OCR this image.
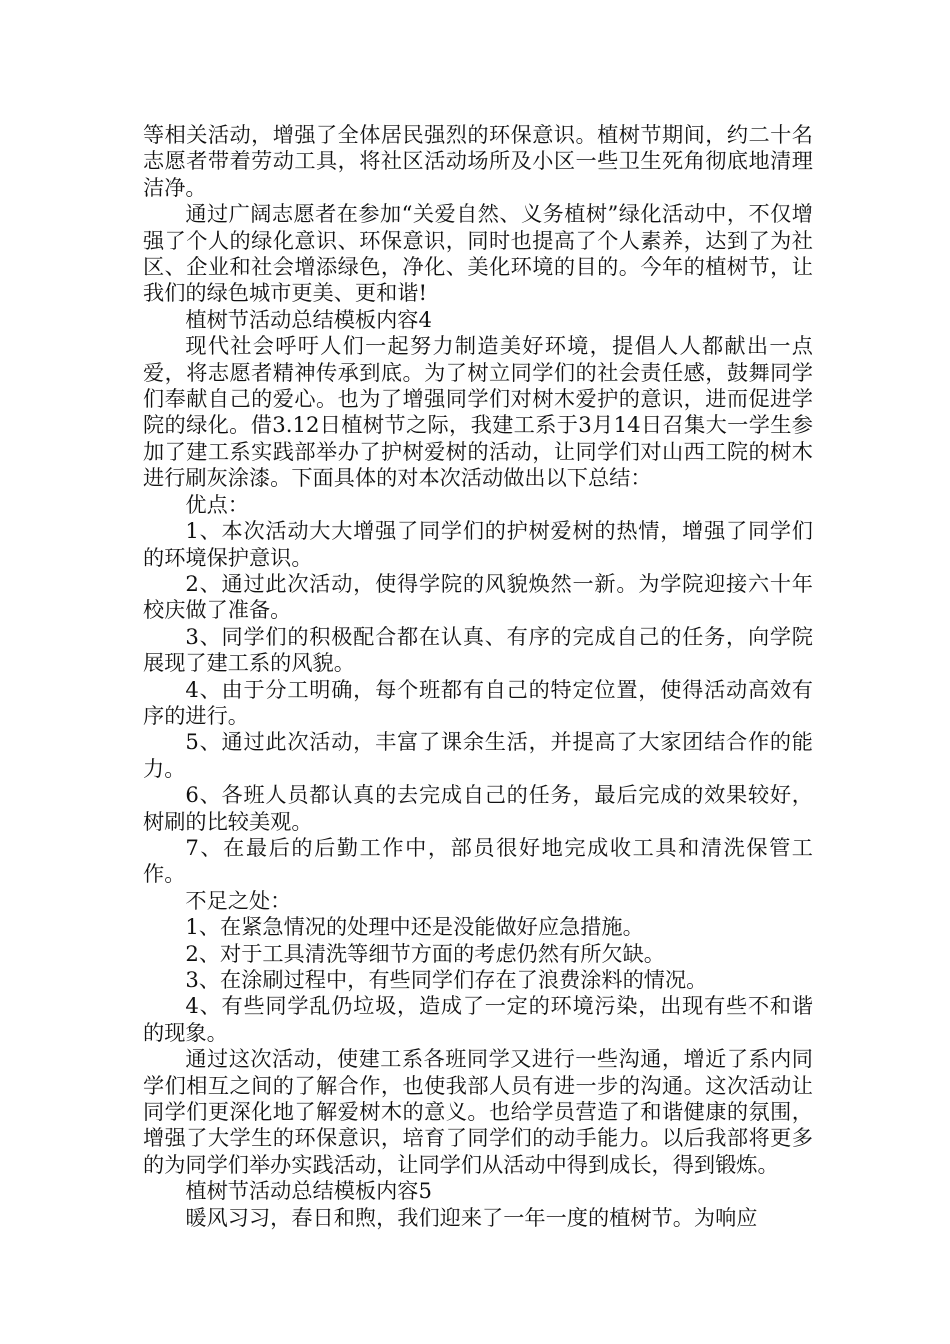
等相关活动，增强了全体居民强烈的环保意识。植树节期间，约二十名志愿者带着劳动工具，将社区活动场所及小区一些卫生死角彻底地清理洁净。

通过广阔志愿者在参加“关爱自然、义务植树”绿化活动中，不仅增强了个人的绿化意识、环保意识，同时也提高了个人素养，达到了为社区、企业和社会增添绿色，净化、美化环境的目的。今年的植树节，让我们的绿色城市更美、更和谐!

植树节活动总结模板内容4

现代社会呼吁人们一起努力制造美好环境，提倡人人都献出一点爱，将志愿者精神传承到底。为了树立同学们的社会责任感，鼓舞同学们奉献自己的爱心。也为了增强同学们对树木爱护的意识，进而促进学院的绿化。借3.12日植树节之际，我建工系于3月14日召集大一学生参加了建工系实践部举办了护树爱树的活动，让同学们对山西工院的树木进行刷灰涂漆。下面具体的对本次活动做出以下总结：

优点：

1、本次活动大大增强了同学们的护树爱树的热情，增强了同学们的环境保护意识。

2、通过此次活动，使得学院的风貌焕然一新。为学院迎接六十年校庆做了准备。

3、同学们的积极配合都在认真、有序的完成自己的任务，向学院展现了建工系的风貌。

4、由于分工明确，每个班都有自己的特定位置，使得活动高效有序的进行。

5、通过此次活动，丰富了课余生活，并提高了大家团结合作的能力。

6、各班人员都认真的去完成自己的任务，最后完成的效果较好，树刷的比较美观。

7、在最后的后勤工作中，部员很好地完成收工具和清洗保管工作。

不足之处：

1、在紧急情况的处理中还是没能做好应急措施。

2、对于工具清洗等细节方面的考虑仍然有所欠缺。

3、在涂刷过程中，有些同学们存在了浪费涂料的情况。

4、有些同学乱仍垃圾，造成了一定的环境污染，出现有些不和谐的现象。

通过这次活动，使建工系各班同学又进行一些沟通，增近了系内同学们相互之间的了解合作，也使我部人员有进一步的沟通。这次活动让同学们更深化地了解爱树木的意义。也给学员营造了和谐健康的氛围，增强了大学生的环保意识，培育了同学们的动手能力。以后我部将更多的为同学们举办实践活动，让同学们从活动中得到成长，得到锻炼。

植树节活动总结模板内容5

暖风习习，春日和煦，我们迎来了一年一度的植树节。为响应
